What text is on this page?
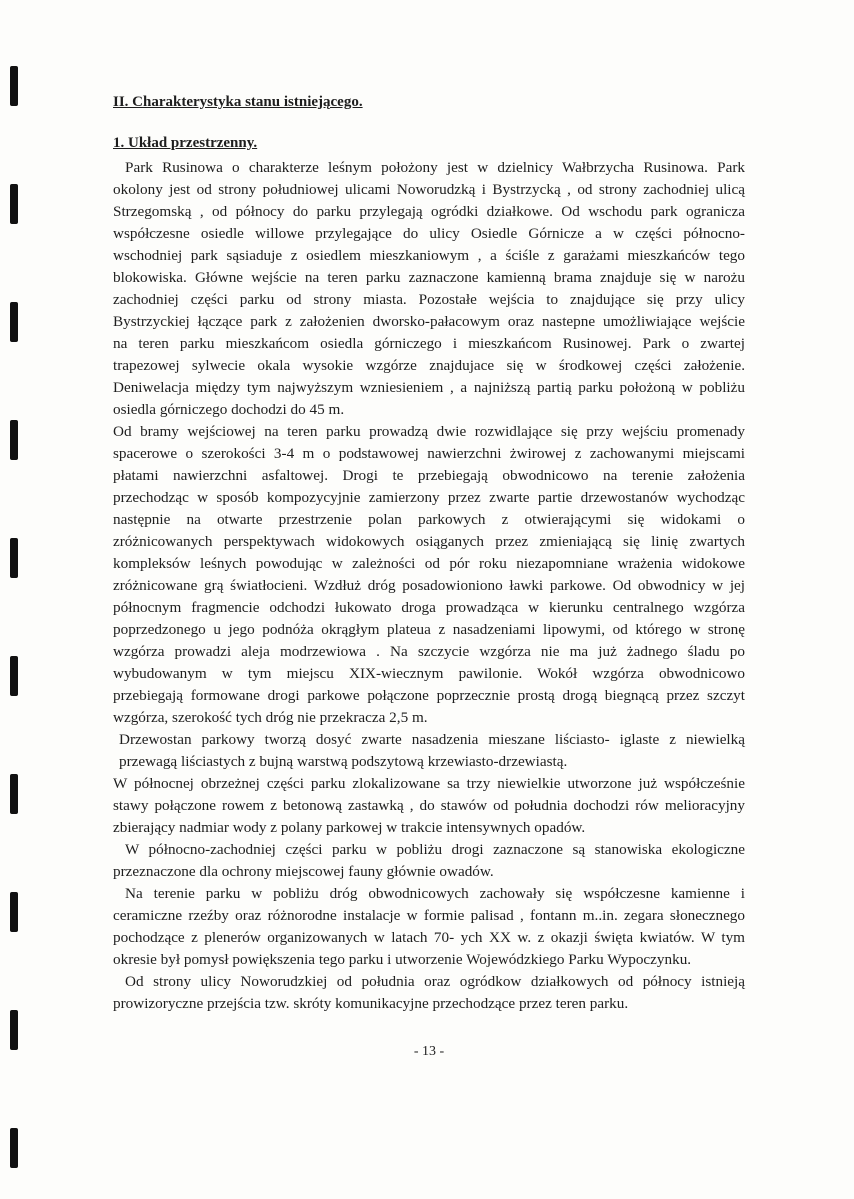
II. Charakterystyka stanu istniejącego.
1. Układ przestrzenny.
Park Rusinowa o charakterze leśnym położony jest w dzielnicy Wałbrzycha Rusinowa. Park
okolony jest od strony południowej ulicami Noworudzką i Bystrzycką , od strony zachodniej ulicą
Strzegomską , od północy do parku przylegają ogródki działkowe. Od wschodu park ogranicza
współczesne osiedle willowe przylegające do ulicy Osiedle Górnicze a w części północno-
wschodniej park sąsiaduje z osiedlem mieszkaniowym , a ściśle z garażami mieszkańców tego
blokowiska. Główne wejście na teren parku zaznaczone kamienną brama znajduje się w narożu
zachodniej części parku od strony miasta. Pozostałe wejścia to znajdujące się przy ulicy
Bystrzyckiej łączące park z założenien dworsko-pałacowym oraz nastepne umożliwiające wejście
na teren parku mieszkańcom osiedla górniczego i mieszkańcom Rusinowej. Park o zwartej
trapezowej sylwecie okala wysokie wzgórze znajdujace się w środkowej części założenie.
Deniwelacja między tym najwyższym wzniesieniem , a najniższą partią parku położoną w pobliżu
osiedla górniczego dochodzi do 45 m.
Od bramy wejściowej na teren parku prowadzą dwie rozwidlające się przy wejściu promenady
spacerowe o szerokości 3-4 m o podstawowej nawierzchni żwirowej z zachowanymi miejscami
płatami nawierzchni asfaltowej. Drogi te przebiegają obwodnicowo na terenie założenia
przechodząc w sposób kompozycyjnie zamierzony przez zwarte partie drzewostanów wychodząc
następnie na otwarte przestrzenie polan parkowych z otwierającymi się widokami o
zróżnicowanych perspektywach widokowych osiąganych przez zmieniającą się linię zwartych
kompleksów leśnych powodując w zależności od pór roku niezapomniane wrażenia widokowe
zróżnicowane grą światłocieni. Wzdłuż dróg posadowioniono ławki parkowe. Od obwodnicy w jej
północnym fragmencie odchodzi łukowato droga prowadząca w kierunku centralnego wzgórza
poprzedzonego u jego podnóża okrągłym plateua z nasadzeniami lipowymi, od którego w stronę
wzgórza prowadzi aleja modrzewiowa . Na szczycie wzgórza nie ma już żadnego śladu po
wybudowanym w tym miejscu XIX-wiecznym pawilonie. Wokół wzgórza obwodnicowo
przebiegają formowane drogi parkowe połączone poprzecznie prostą drogą biegnącą przez szczyt
wzgórza, szerokość tych dróg nie przekracza 2,5 m.
Drzewostan parkowy tworzą dosyć zwarte nasadzenia mieszane liściasto- iglaste z niewielką
przewagą liściastych z bujną warstwą podszytową krzewiasto-drzewiastą.
W północnej obrzeżnej części parku zlokalizowane sa trzy niewielkie utworzone już współcześnie
stawy połączone rowem z betonową zastawką , do stawów od południa dochodzi rów melioracyjny
zbierający nadmiar wody z polany parkowej w trakcie intensywnych opadów.
W północno-zachodniej części parku w pobliżu drogi zaznaczone są stanowiska ekologiczne
przeznaczone dla ochrony miejscowej fauny głównie owadów.
Na terenie parku w pobliżu dróg obwodnicowych zachowały się współczesne kamienne i
ceramiczne rzeźby oraz różnorodne instalacje w formie palisad , fontann m..in. zegara słonecznego
pochodzące z plenerów organizowanych w latach 70- ych XX w. z okazji święta kwiatów. W tym
okresie był pomysł powiększenia tego parku i utworzenie Wojewódzkiego Parku Wypoczynku.
Od strony ulicy Noworudzkiej od południa oraz ogródkow działkowych od północy istnieją
prowizoryczne przejścia tzw. skróty komunikacyjne przechodzące przez teren parku.
- 13 -
